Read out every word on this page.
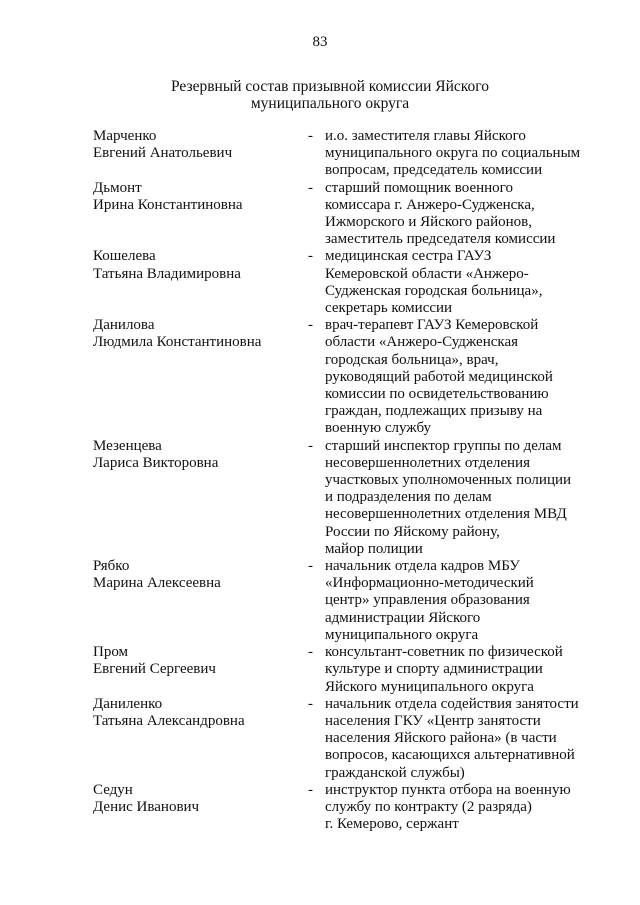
83
Резервный состав призывной комиссии Яйского
муниципального округа
Марченко
Евгений Анатольевич
- и.о. заместителя главы Яйского
муниципального округа по социальным
вопросам, председатель комиссии
Дьмонт
Ирина Константиновна
- старший помощник военного
комиссара г. Анжеро-Судженска,
Ижморского и Яйского районов,
заместитель председателя комиссии
Кошелева
Татьяна Владимировна
- медицинская сестра ГАУЗ
Кемеровской области «Анжеро-
Судженская городская больница»,
секретарь комиссии
Данилова
Людмила Константиновна
- врач-терапевт ГАУЗ Кемеровской
области «Анжеро-Судженская
городская больница», врач,
руководящий работой медицинской
комиссии по освидетельствованию
граждан, подлежащих призыву на
военную службу
Мезенцева
Лариса Викторовна
- старший инспектор группы по делам
несовершеннолетних отделения
участковых уполномоченных полиции
и подразделения по делам
несовершеннолетних отделения МВД
России по Яйскому району,
майор полиции
Рябко
Марина Алексеевна
- начальник отдела кадров МБУ
«Информационно-методический
центр» управления образования
администрации Яйского
муниципального округа
Пром
Евгений Сергеевич
- консультант-советник по физической
культуре и спорту администрации
Яйского муниципального округа
Даниленко
Татьяна Александровна
- начальник отдела содействия занятости
населения ГКУ «Центр занятости
населения Яйского района» (в части
вопросов, касающихся альтернативной
гражданской службы)
Седун
Денис Иванович
- инструктор пункта отбора на военную
службу по контракту (2 разряда)
г. Кемерово, сержант
